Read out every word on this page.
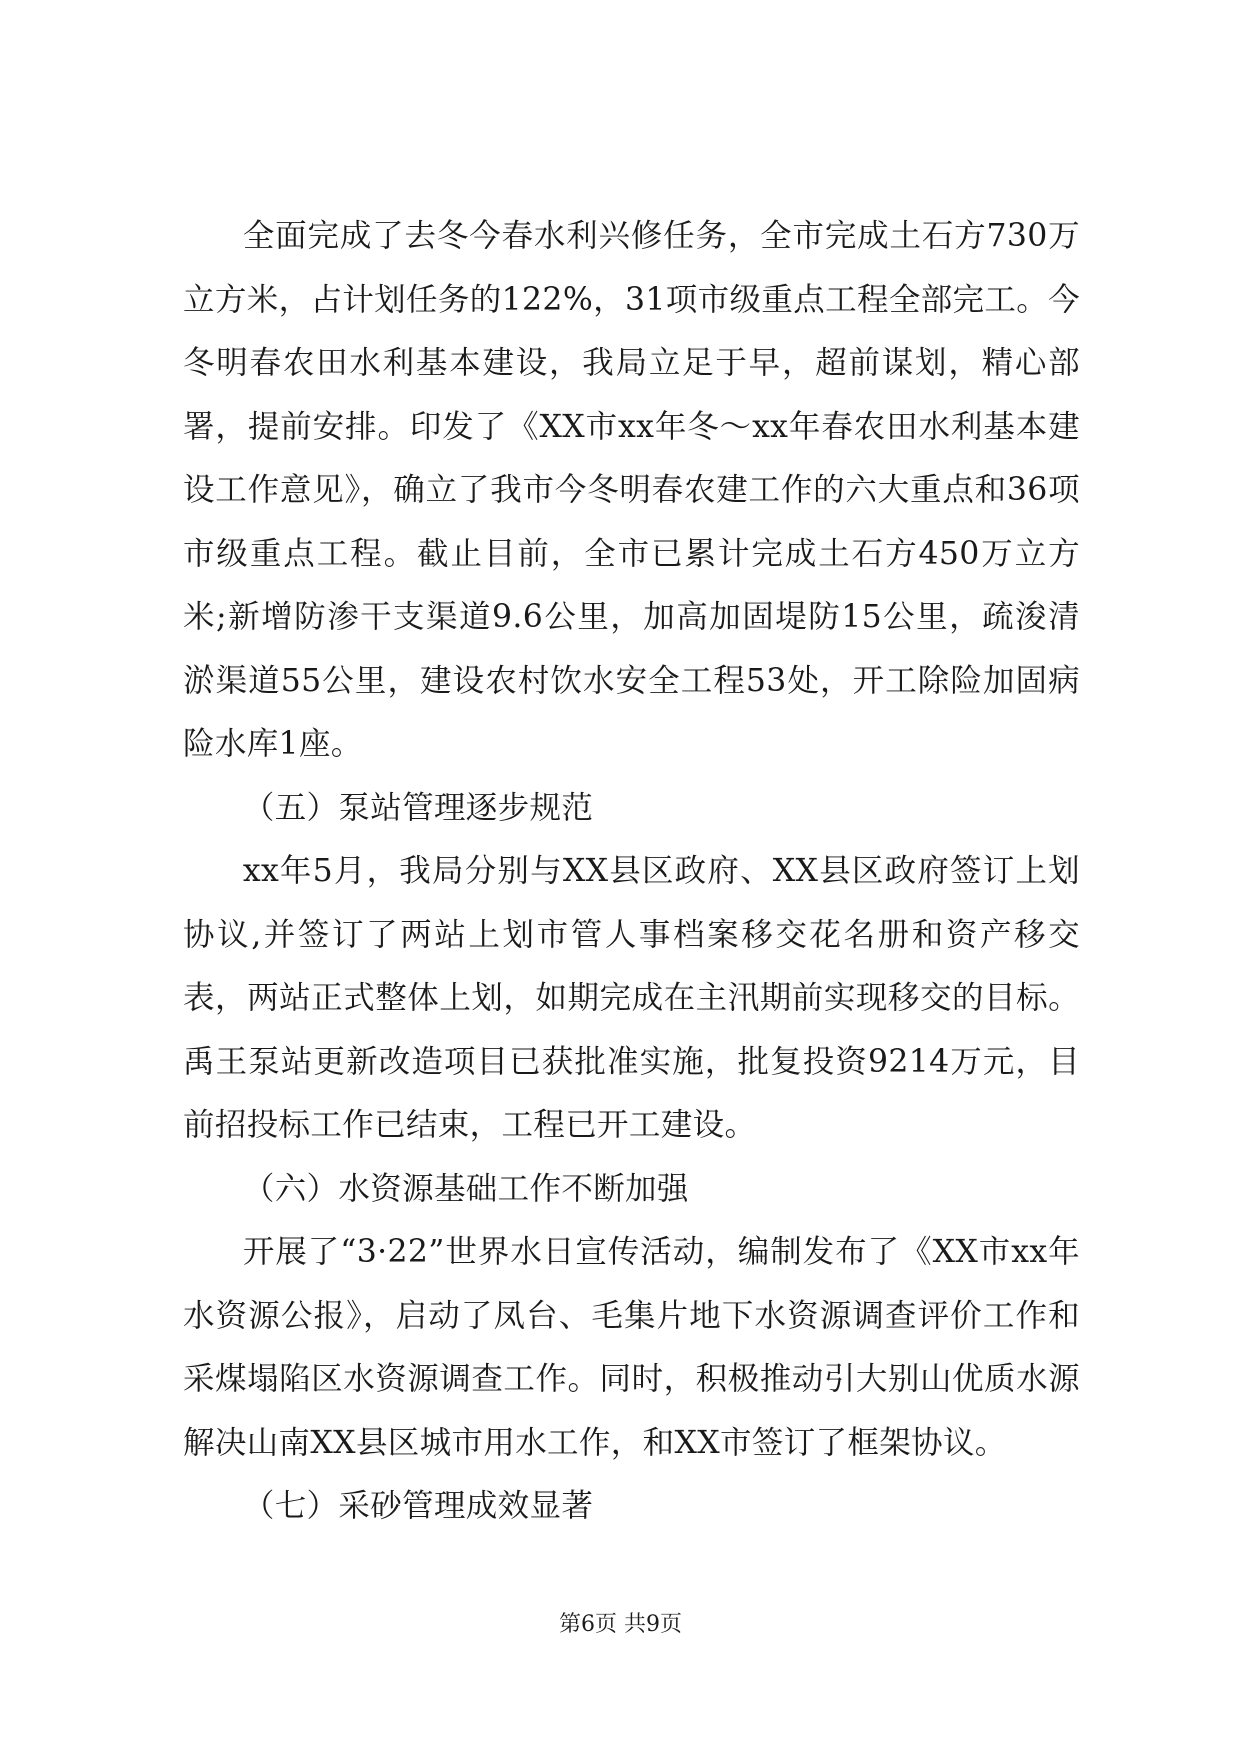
全面完成了去冬今春水利兴修任务，全市完成土石方730万立方米，占计划任务的122%，31项市级重点工程全部完工。今冬明春农田水利基本建设，我局立足于早，超前谋划，精心部署，提前安排。印发了《XX市xx年冬～xx年春农田水利基本建设工作意见》，确立了我市今冬明春农建工作的六大重点和36项市级重点工程。截止目前，全市已累计完成土石方450万立方米;新增防渗干支渠道9.6公里，加高加固堤防15公里，疏浚清淤渠道55公里，建设农村饮水安全工程53处，开工除险加固病险水库1座。

（五）泵站管理逐步规范

xx年5月，我局分别与XX县区政府、XX县区政府签订上划协议,并签订了两站上划市管人事档案移交花名册和资产移交表，两站正式整体上划，如期完成在主汛期前实现移交的目标。禹王泵站更新改造项目已获批准实施，批复投资9214万元，目前招投标工作已结束，工程已开工建设。

（六）水资源基础工作不断加强

开展了“3·22”世界水日宣传活动，编制发布了《XX市xx年水资源公报》，启动了凤台、毛集片地下水资源调查评价工作和采煤塌陷区水资源调查工作。同时，积极推动引大别山优质水源解决山南XX县区城市用水工作，和XX市签订了框架协议。

（七）采砂管理成效显著

第6页 共9页
